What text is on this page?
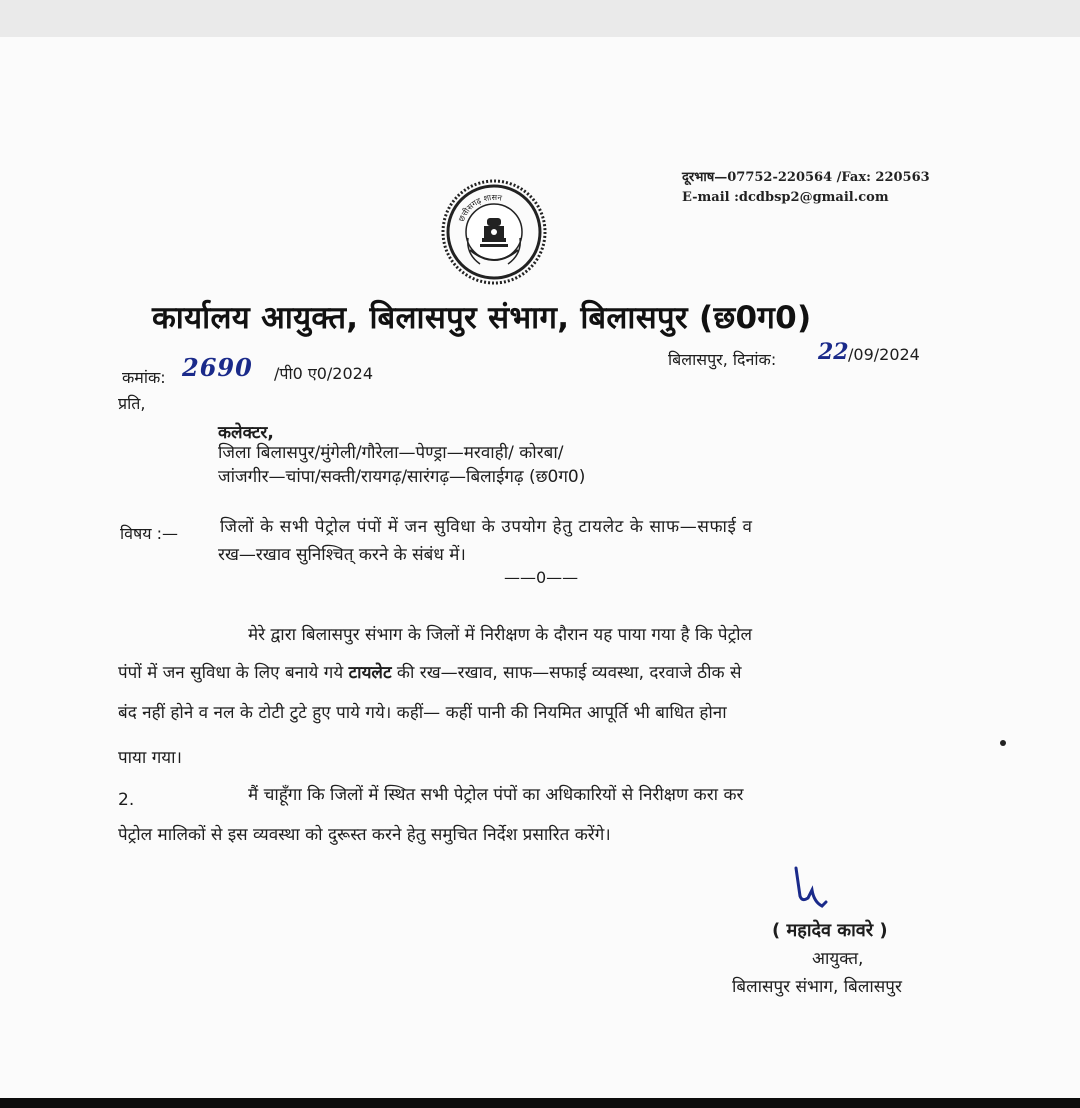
छत्तीसगढ़ शासन
दूरभाष—07752-220564 /Fax: 220563
E-mail :dcdbsp2@gmail.com
कार्यालय आयुक्त, बिलासपुर संभाग, बिलासपुर (छ0ग0)
कमांक: 2690 /पी0 ए0/2024
बिलासपुर, दिनांक: 22 /09/2024
प्रति,
कलेक्टर,
जिला बिलासपुर/मुंगेली/गौरेला—पेण्ड्रा—मरवाही/ कोरबा/
जांजगीर—चांपा/सक्ती/रायगढ़/सारंगढ़—बिलाईगढ़ (छ0ग0)
विषय :— जिलों के सभी पेट्रोल पंपों में जन सुविधा के उपयोग हेतु टायलेट के साफ—सफाई व
रख—रखाव सुनिश्चित् करने के संबंध में।
——0——
मेरे द्वारा बिलासपुर संभाग के जिलों में निरीक्षण के दौरान यह पाया गया है कि पेट्रोल
पंपों में जन सुविधा के लिए बनाये गये टायलेट की रख—रखाव, साफ—सफाई व्यवस्था, दरवाजे ठीक से
बंद नहीं होने व नल के टोटी टुटे हुए पाये गये। कहीं— कहीं पानी की नियमित आपूर्ति भी बाधित होना
पाया गया।
2.	मैं चाहूँगा कि जिलों में स्थित सभी पेट्रोल पंपों का अधिकारियों से निरीक्षण करा कर
पेट्रोल मालिकों से इस व्यवस्था को दुरूस्त करने हेतु समुचित निर्देश प्रसारित करेंगे।
( महादेव कावरे )
आयुक्त,
बिलासपुर संभाग, बिलासपुर
